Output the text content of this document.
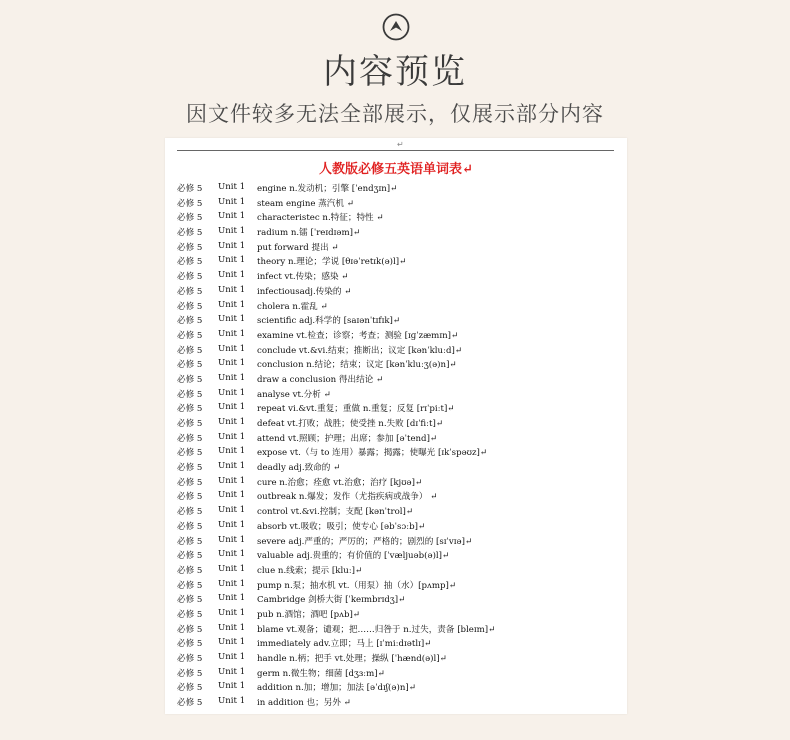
内容预览
因文件较多无法全部展示，仅展示部分内容
↵
人教版必修五英语单词表↵
必修 5 Unit 1 engine n.发动机；引擎 [ˈendʒɪn]↵
必修 5 Unit 1 steam engine 蒸汽机 ↵
必修 5 Unit 1 characteristec n.特征；特性 ↵
必修 5 Unit 1 radium n.镭 [ˈreɪdɪəm]↵
必修 5 Unit 1 put forward 提出 ↵
必修 5 Unit 1 theory n.理论；学说 [θɪəˈretɪk(ə)l]↵
必修 5 Unit 1 infect vt.传染；感染 ↵
必修 5 Unit 1 infectiousadj.传染的 ↵
必修 5 Unit 1 cholera n.霍乱 ↵
必修 5 Unit 1 scientific adj.科学的 [saɪənˈtɪfɪk]↵
必修 5 Unit 1 examine vt.检查；诊察；考查；测验 [ɪɡˈzæmɪn]↵
必修 5 Unit 1 conclude vt.&vi.结束；推断出；议定 [kənˈkluːd]↵
必修 5 Unit 1 conclusion n.结论；结束；议定 [kənˈkluːʒ(ə)n]↵
必修 5 Unit 1 draw a conclusion 得出结论 ↵
必修 5 Unit 1 analyse vt.分析 ↵
必修 5 Unit 1 repeat vi.&vt.重复；重做 n.重复；反复 [rɪˈpiːt]↵
必修 5 Unit 1 defeat vt.打败；战胜；使受挫 n.失败 [dɪˈfiːt]↵
必修 5 Unit 1 attend vt.照顾；护理；出席；参加 [əˈtend]↵
必修 5 Unit 1 expose vt.（与 to 连用）暴露；揭露；使曝光 [ɪkˈspəʊz]↵
必修 5 Unit 1 deadly adj.致命的 ↵
必修 5 Unit 1 cure n.治愈；痊愈 vt.治愈；治疗 [kjʊə]↵
必修 5 Unit 1 outbreak n.爆发；发作（尤指疾病或战争） ↵
必修 5 Unit 1 control vt.&vi.控制；支配 [kənˈtrol]↵
必修 5 Unit 1 absorb vt.吸收；吸引；使专心 [əbˈsɔːb]↵
必修 5 Unit 1 severe adj.严重的；严厉的；严格的；剧烈的 [sɪˈvɪə]↵
必修 5 Unit 1 valuable adj.贵重的；有价值的 [ˈvæljuəb(ə)l]↵
必修 5 Unit 1 clue n.线索；提示 [kluː]↵
必修 5 Unit 1 pump n.泵；抽水机 vt.（用泵）抽（水）[pʌmp]↵
必修 5 Unit 1 Cambridge 剑桥大街 [ˈkeɪmbrɪdʒ]↵
必修 5 Unit 1 pub n.酒馆；酒吧 [pʌb]↵
必修 5 Unit 1 blame vt.观备；谴观；把……归咎于 n.过失，责备 [bleɪm]↵
必修 5 Unit 1 immediately adv.立即；马上 [ɪˈmiːdɪətlɪ]↵
必修 5 Unit 1 handle n.柄；把手 vt.处理；操纵 [ˈhænd(ə)l]↵
必修 5 Unit 1 germ n.微生物；细菌 [dʒɜːm]↵
必修 5 Unit 1 addition n.加；增加；加法 [əˈdɪʃ(ə)n]↵
必修 5 Unit 1 in addition 也；另外 ↵
